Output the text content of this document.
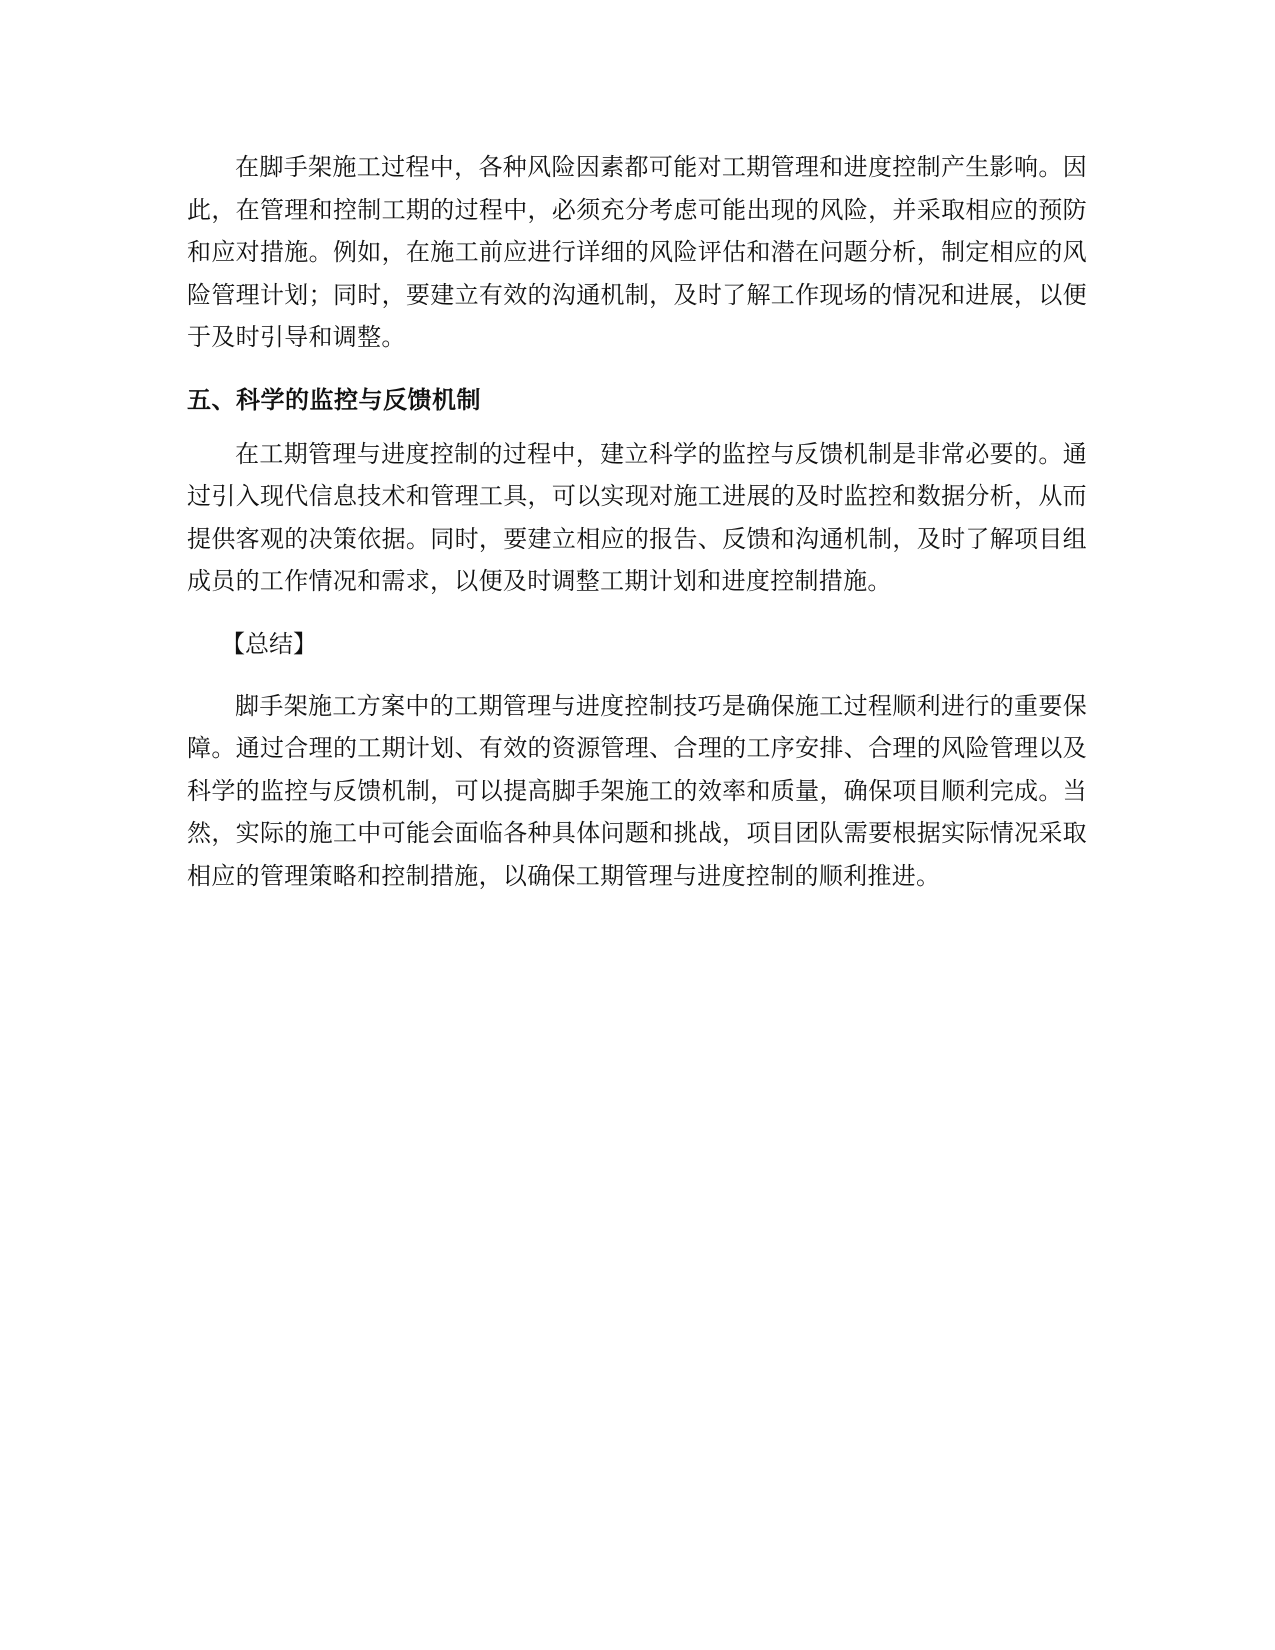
在脚手架施工过程中，各种风险因素都可能对工期管理和进度控制产生影响。因此，在管理和控制工期的过程中，必须充分考虑可能出现的风险，并采取相应的预防和应对措施。例如，在施工前应进行详细的风险评估和潜在问题分析，制定相应的风险管理计划；同时，要建立有效的沟通机制，及时了解工作现场的情况和进展，以便于及时引导和调整。

五、科学的监控与反馈机制

在工期管理与进度控制的过程中，建立科学的监控与反馈机制是非常必要的。通过引入现代信息技术和管理工具，可以实现对施工进展的及时监控和数据分析，从而提供客观的决策依据。同时，要建立相应的报告、反馈和沟通机制，及时了解项目组成员的工作情况和需求，以便及时调整工期计划和进度控制措施。

【总结】

脚手架施工方案中的工期管理与进度控制技巧是确保施工过程顺利进行的重要保障。通过合理的工期计划、有效的资源管理、合理的工序安排、合理的风险管理以及科学的监控与反馈机制，可以提高脚手架施工的效率和质量，确保项目顺利完成。当然，实际的施工中可能会面临各种具体问题和挑战，项目团队需要根据实际情况采取相应的管理策略和控制措施，以确保工期管理与进度控制的顺利推进。
